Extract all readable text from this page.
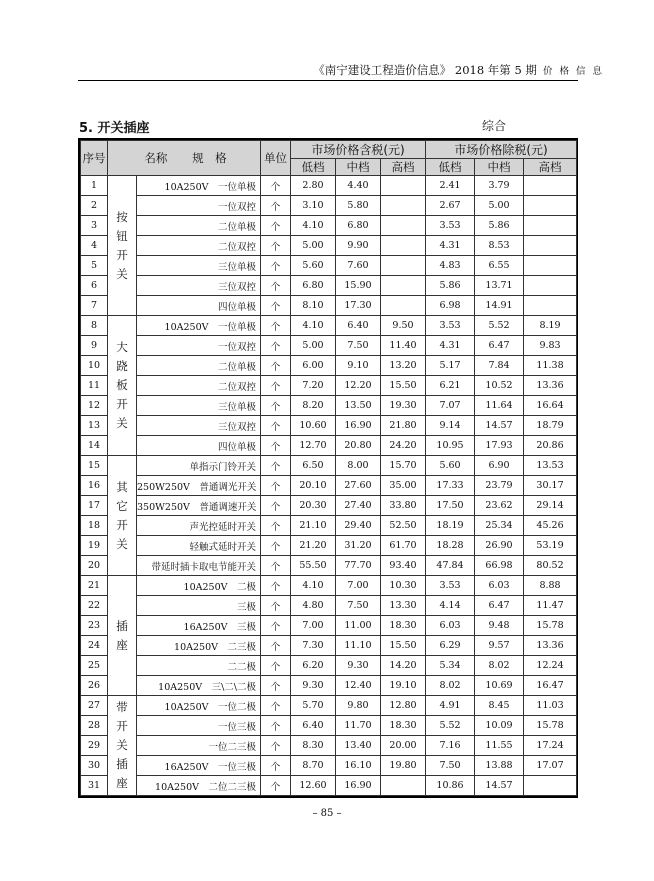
《南宁建设工程造价信息》 2018 年第 5 期 价 格 信 息
5. 开关插座	综合
序号	名称 规　格		单位	市场价格含税(元)			市场价格除税(元)		
				低档	中档	高档	低档	中档	高档
1	按钮开关	10A250V　一位单极	个	2.80	4.40		2.41	3.79	
2		一位双控	个	3.10	5.80		2.67	5.00	
3		二位单极	个	4.10	6.80		3.53	5.86	
4		二位双控	个	5.00	9.90		4.31	8.53	
5		三位单极	个	5.60	7.60		4.83	6.55	
6		三位双控	个	6.80	15.90		5.86	13.71	
7		四位单极	个	8.10	17.30		6.98	14.91	
8	大跷板开关	10A250V　一位单极	个	4.10	6.40	9.50	3.53	5.52	8.19
9		一位双控	个	5.00	7.50	11.40	4.31	6.47	9.83
10		二位单极	个	6.00	9.10	13.20	5.17	7.84	11.38
11		二位双控	个	7.20	12.20	15.50	6.21	10.52	13.36
12		三位单极	个	8.20	13.50	19.30	7.07	11.64	16.64
13		三位双控	个	10.60	16.90	21.80	9.14	14.57	18.79
14		四位单极	个	12.70	20.80	24.20	10.95	17.93	20.86
15	其它开关	单指示门铃开关	个	6.50	8.00	15.70	5.60	6.90	13.53
16		250W250V　普通调光开关	个	20.10	27.60	35.00	17.33	23.79	30.17
17		350W250V　普通调速开关	个	20.30	27.40	33.80	17.50	23.62	29.14
18		声光控延时开关	个	21.10	29.40	52.50	18.19	25.34	45.26
19		轻触式延时开关	个	21.20	31.20	61.70	18.28	26.90	53.19
20		带延时插卡取电节能开关	个	55.50	77.70	93.40	47.84	66.98	80.52
21	插座	10A250V　二极	个	4.10	7.00	10.30	3.53	6.03	8.88
22		三极	个	4.80	7.50	13.30	4.14	6.47	11.47
23		16A250V　三极	个	7.00	11.00	18.30	6.03	9.48	15.78
24		10A250V　二三极	个	7.30	11.10	15.50	6.29	9.57	13.36
25		二二极	个	6.20	9.30	14.20	5.34	8.02	12.24
26		10A250V　三\二\二极	个	9.30	12.40	19.10	8.02	10.69	16.47
27	带开关插座	10A250V　一位二极	个	5.70	9.80	12.80	4.91	8.45	11.03
28		一位三极	个	6.40	11.70	18.30	5.52	10.09	15.78
29		一位二三极	个	8.30	13.40	20.00	7.16	11.55	17.24
30		16A250V　一位三极	个	8.70	16.10	19.80	7.50	13.88	17.07
31		10A250V　二位二三极	个	12.60	16.90		10.86	14.57	
– 85 –
